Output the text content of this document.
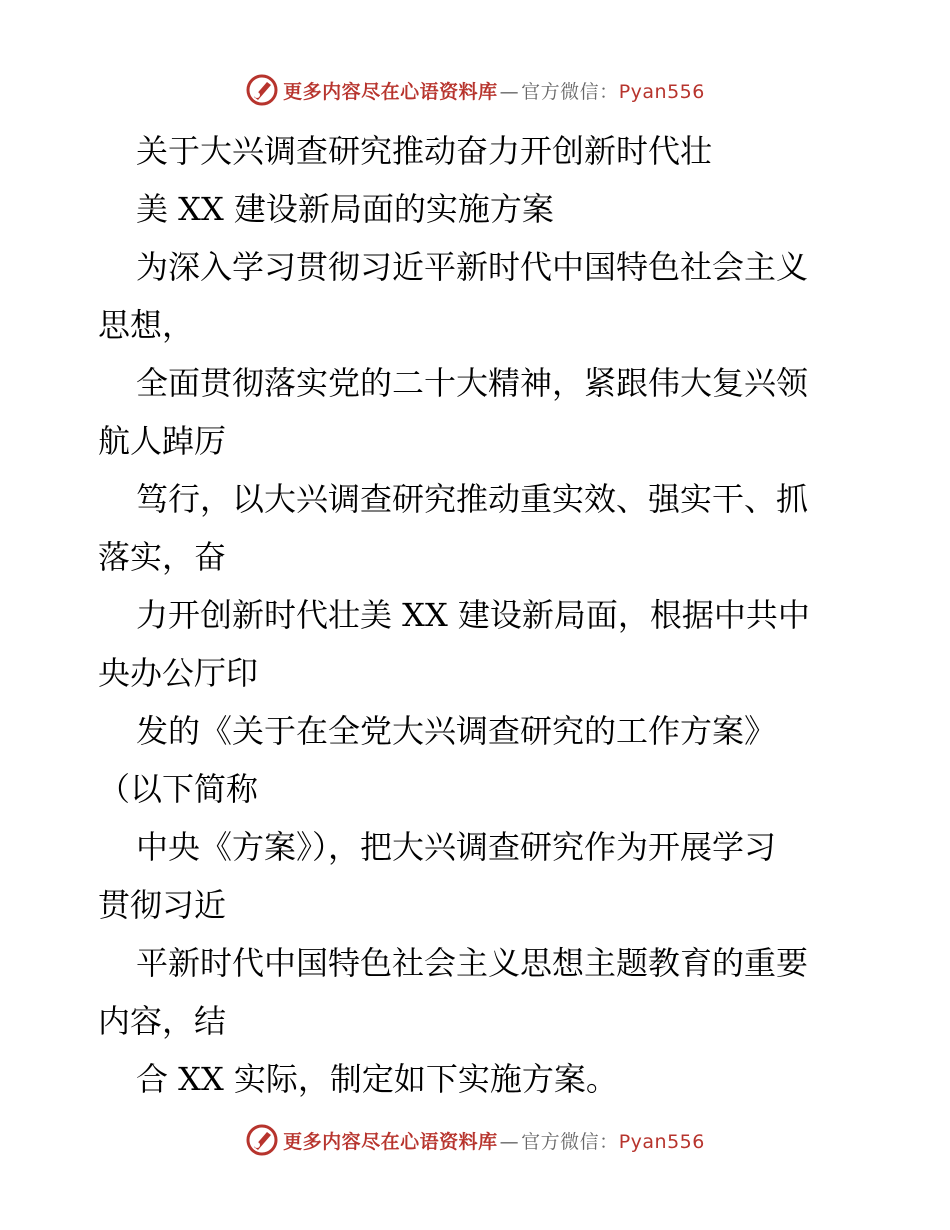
更多内容尽在心语资料库 — 官方微信：Pyan556
关于大兴调查研究推动奋力开创新时代壮
美 XX 建设新局面的实施方案
为深入学习贯彻习近平新时代中国特色社会主义
思想，
全面贯彻落实党的二十大精神，紧跟伟大复兴领
航人踔厉
笃行，以大兴调查研究推动重实效、强实干、抓
落实，奋
力开创新时代壮美 XX 建设新局面，根据中共中
央办公厅印
发的《关于在全党大兴调查研究的工作方案》
（以下简称
中央《方案》），把大兴调查研究作为开展学习
贯彻习近
平新时代中国特色社会主义思想主题教育的重要
内容，结
合 XX 实际，制定如下实施方案。
更多内容尽在心语资料库 — 官方微信：Pyan556
